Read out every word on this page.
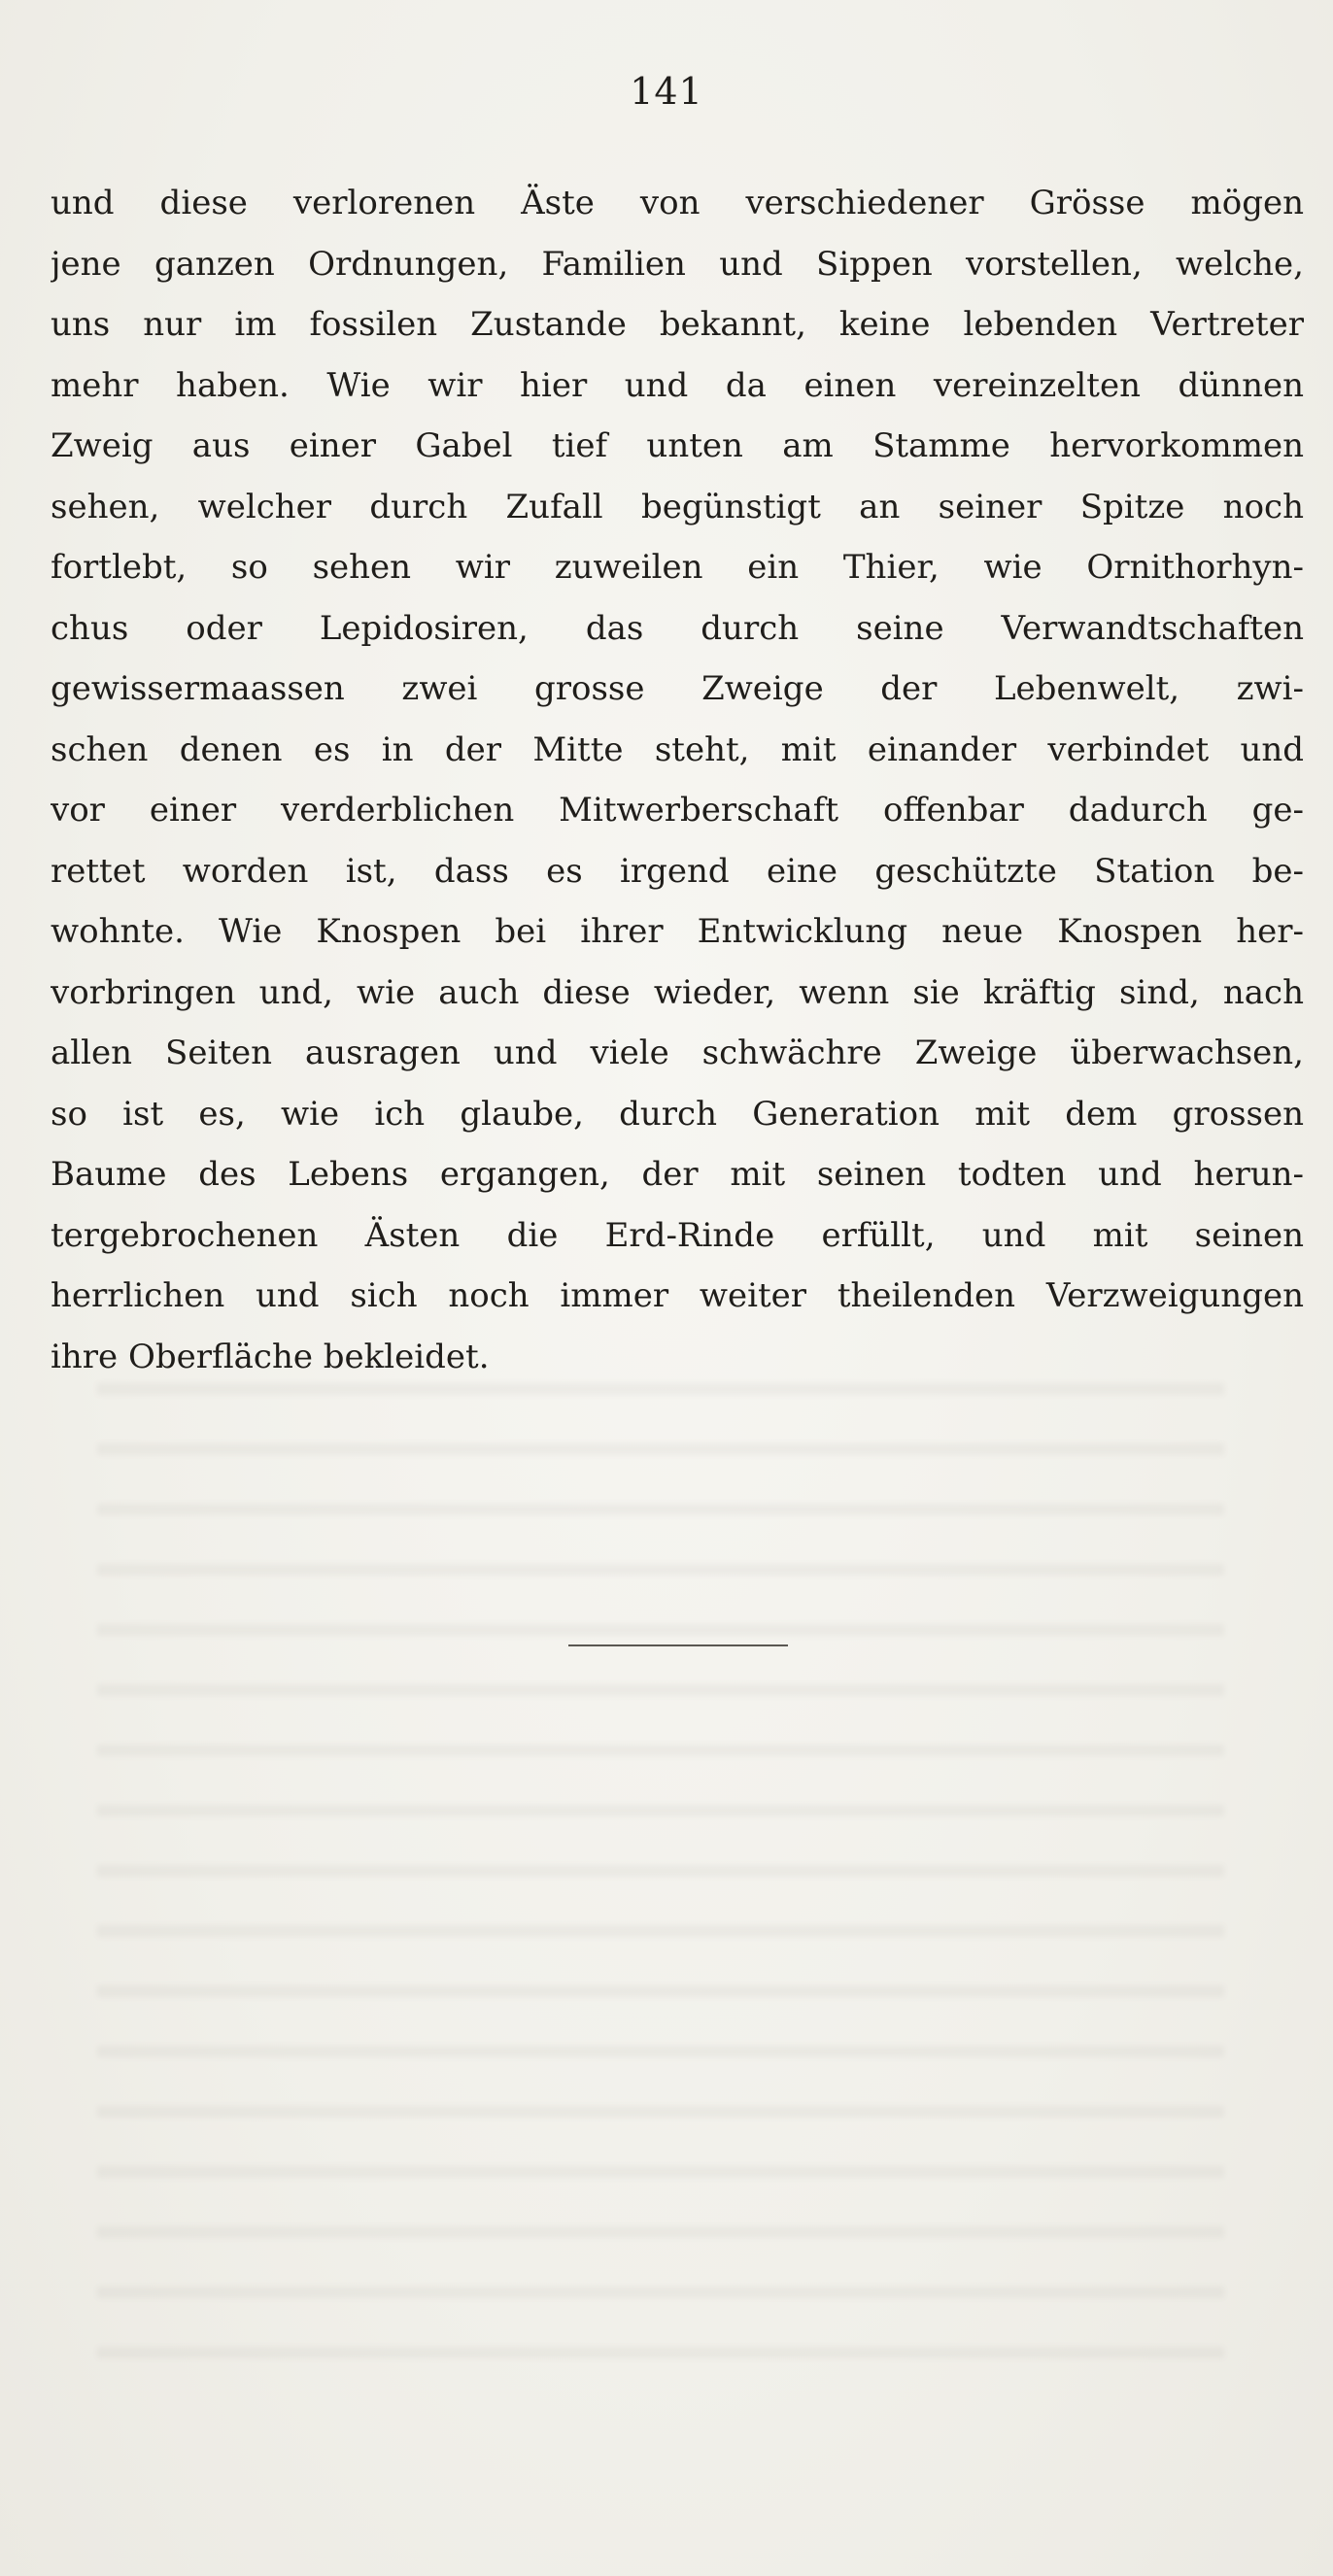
141
und diese verlorenen Äste von verschiedener Grösse mögen
jene ganzen Ordnungen, Familien und Sippen vorstellen, welche,
uns nur im fossilen Zustande bekannt, keine lebenden Vertreter
mehr haben. Wie wir hier und da einen vereinzelten dünnen
Zweig aus einer Gabel tief unten am Stamme hervorkommen
sehen, welcher durch Zufall begünstigt an seiner Spitze noch
fortlebt, so sehen wir zuweilen ein Thier, wie Ornithorhyn-
chus oder Lepidosiren, das durch seine Verwandtschaften
gewissermaassen zwei grosse Zweige der Lebenwelt, zwi-
schen denen es in der Mitte steht, mit einander verbindet und
vor einer verderblichen Mitwerberschaft offenbar dadurch ge-
rettet worden ist, dass es irgend eine geschützte Station be-
wohnte. Wie Knospen bei ihrer Entwicklung neue Knospen her-
vorbringen und, wie auch diese wieder, wenn sie kräftig sind, nach
allen Seiten ausragen und viele schwächre Zweige überwachsen,
so ist es, wie ich glaube, durch Generation mit dem grossen
Baume des Lebens ergangen, der mit seinen todten und herun-
tergebrochenen Ästen die Erd-Rinde erfüllt, und mit seinen
herrlichen und sich noch immer weiter theilenden Verzweigungen
ihre Oberfläche bekleidet.
